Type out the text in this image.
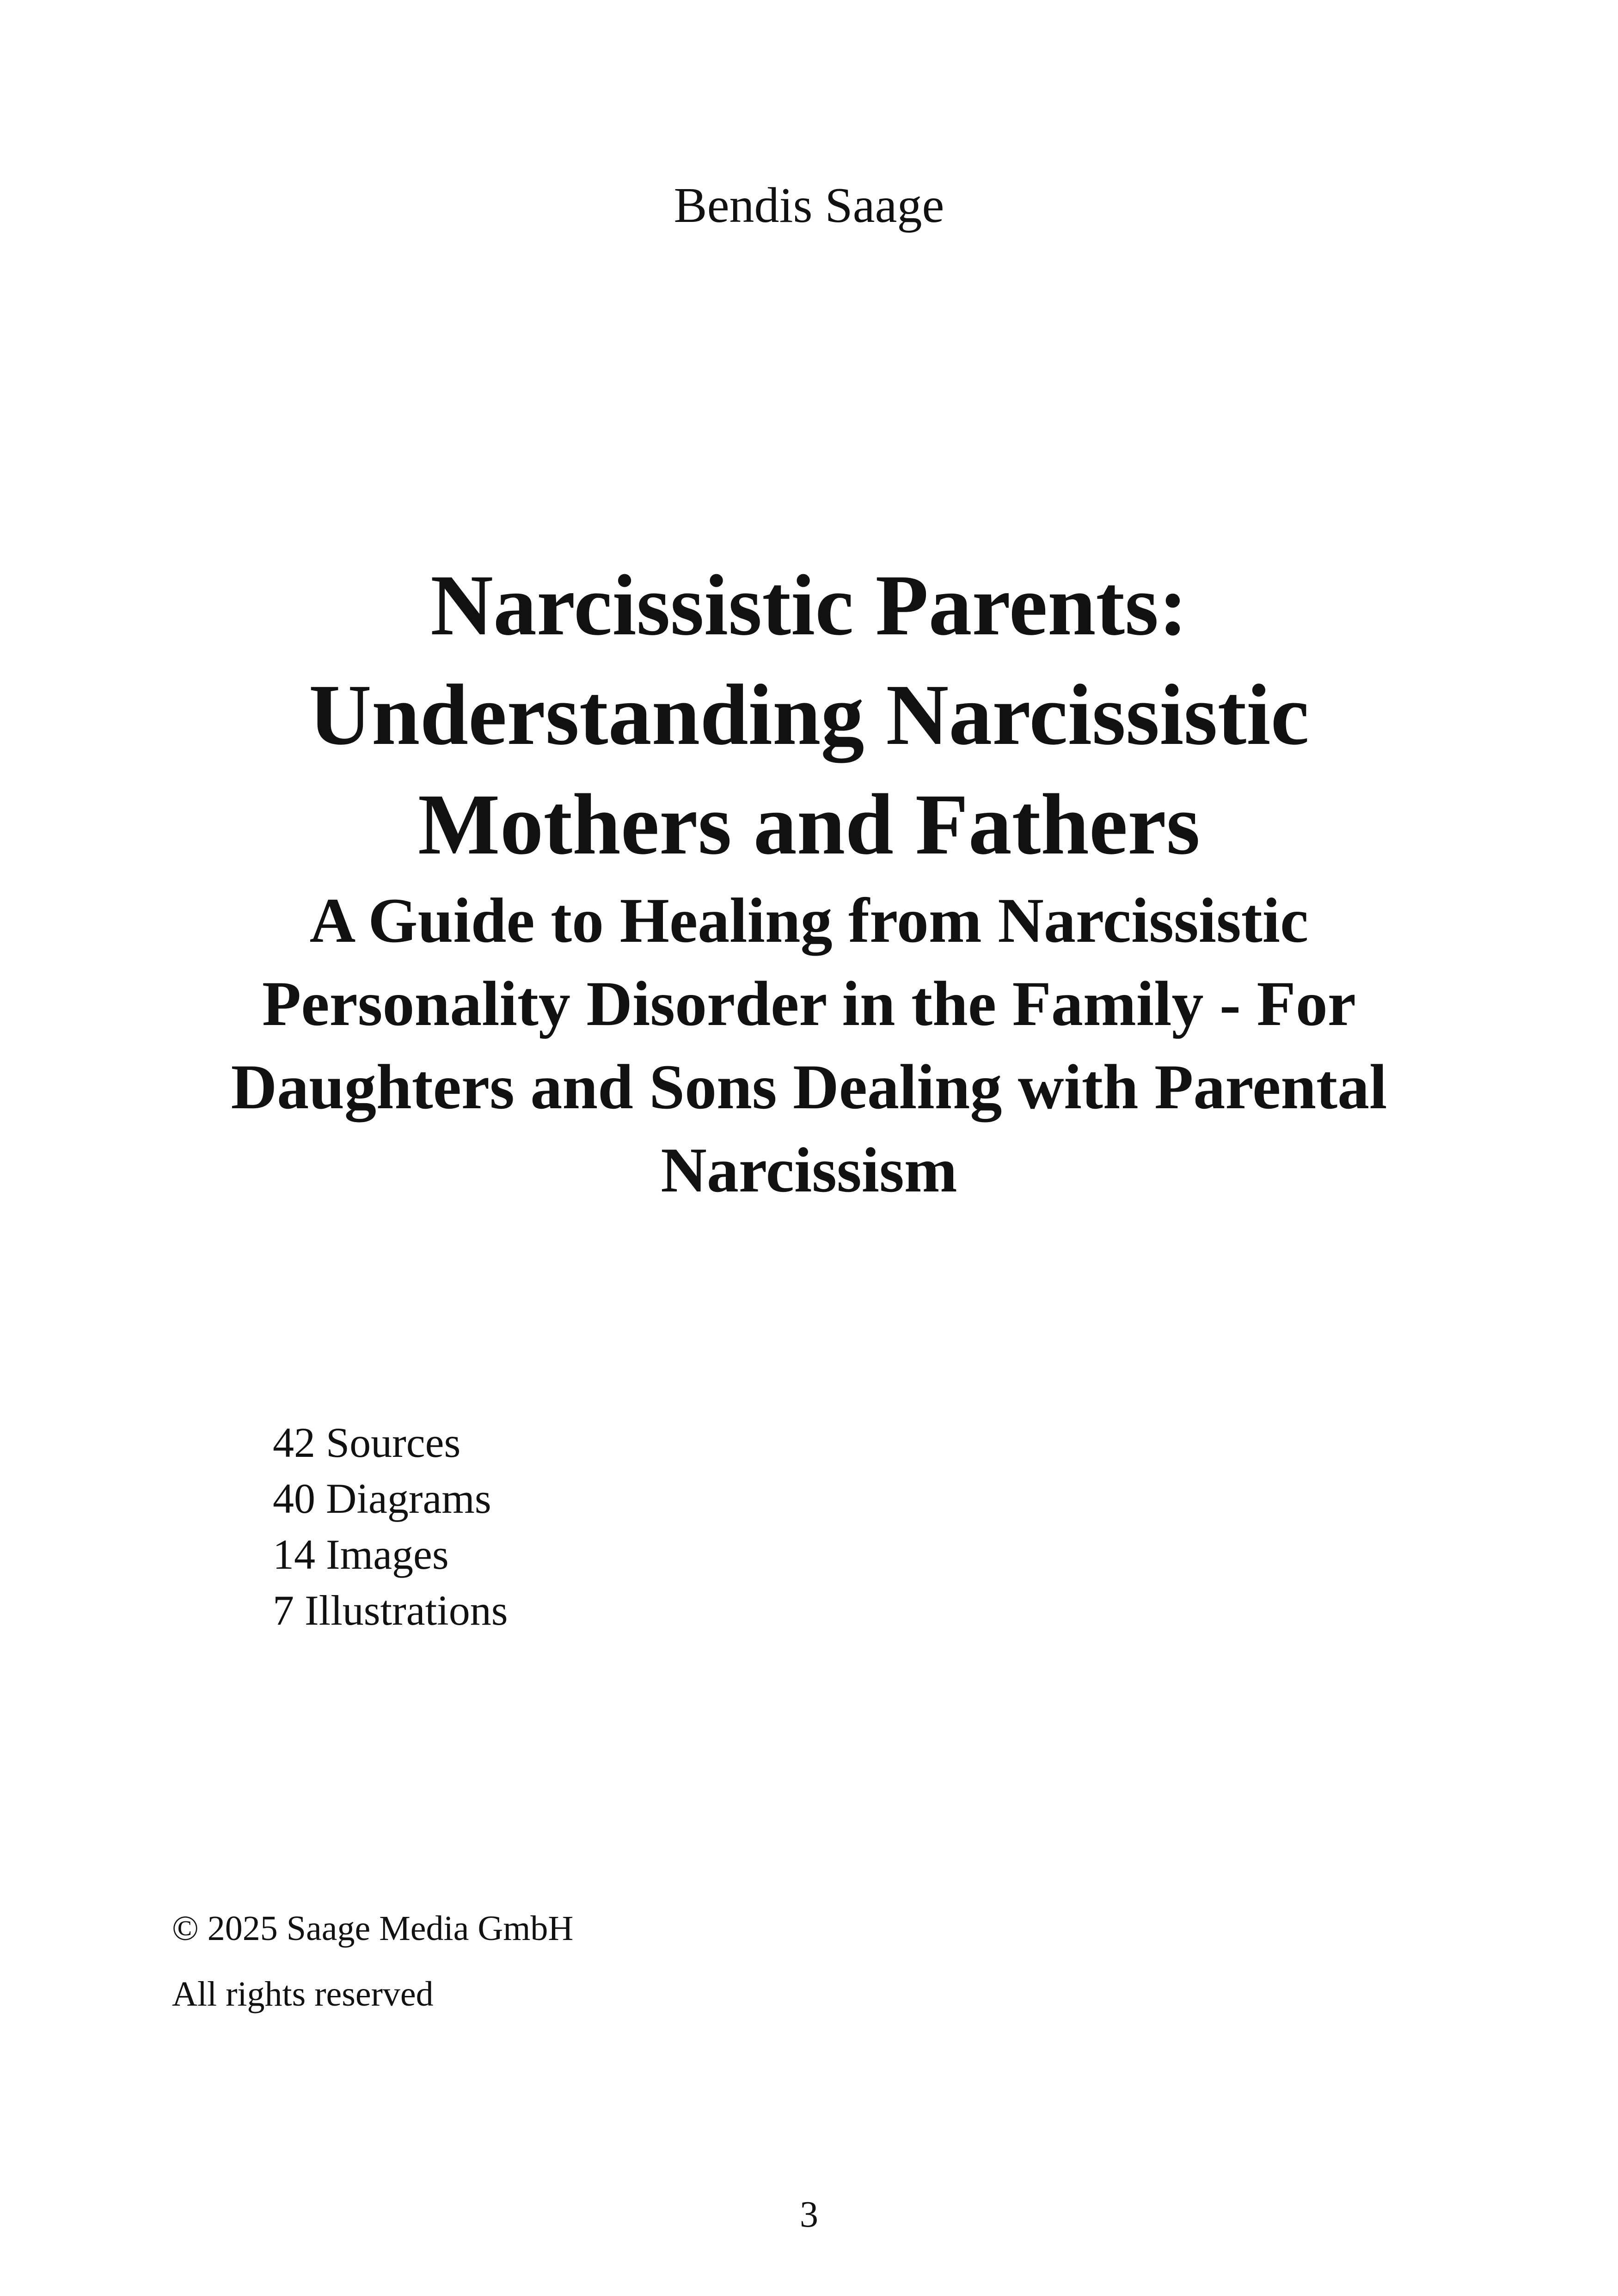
Bendis Saage
Narcissistic Parents:
Understanding Narcissistic
Mothers and Fathers
A Guide to Healing from Narcissistic
Personality Disorder in the Family - For
Daughters and Sons Dealing with Parental
Narcissism
42 Sources
40 Diagrams
14 Images
7 Illustrations
© 2025 Saage Media GmbH
All rights reserved
3
